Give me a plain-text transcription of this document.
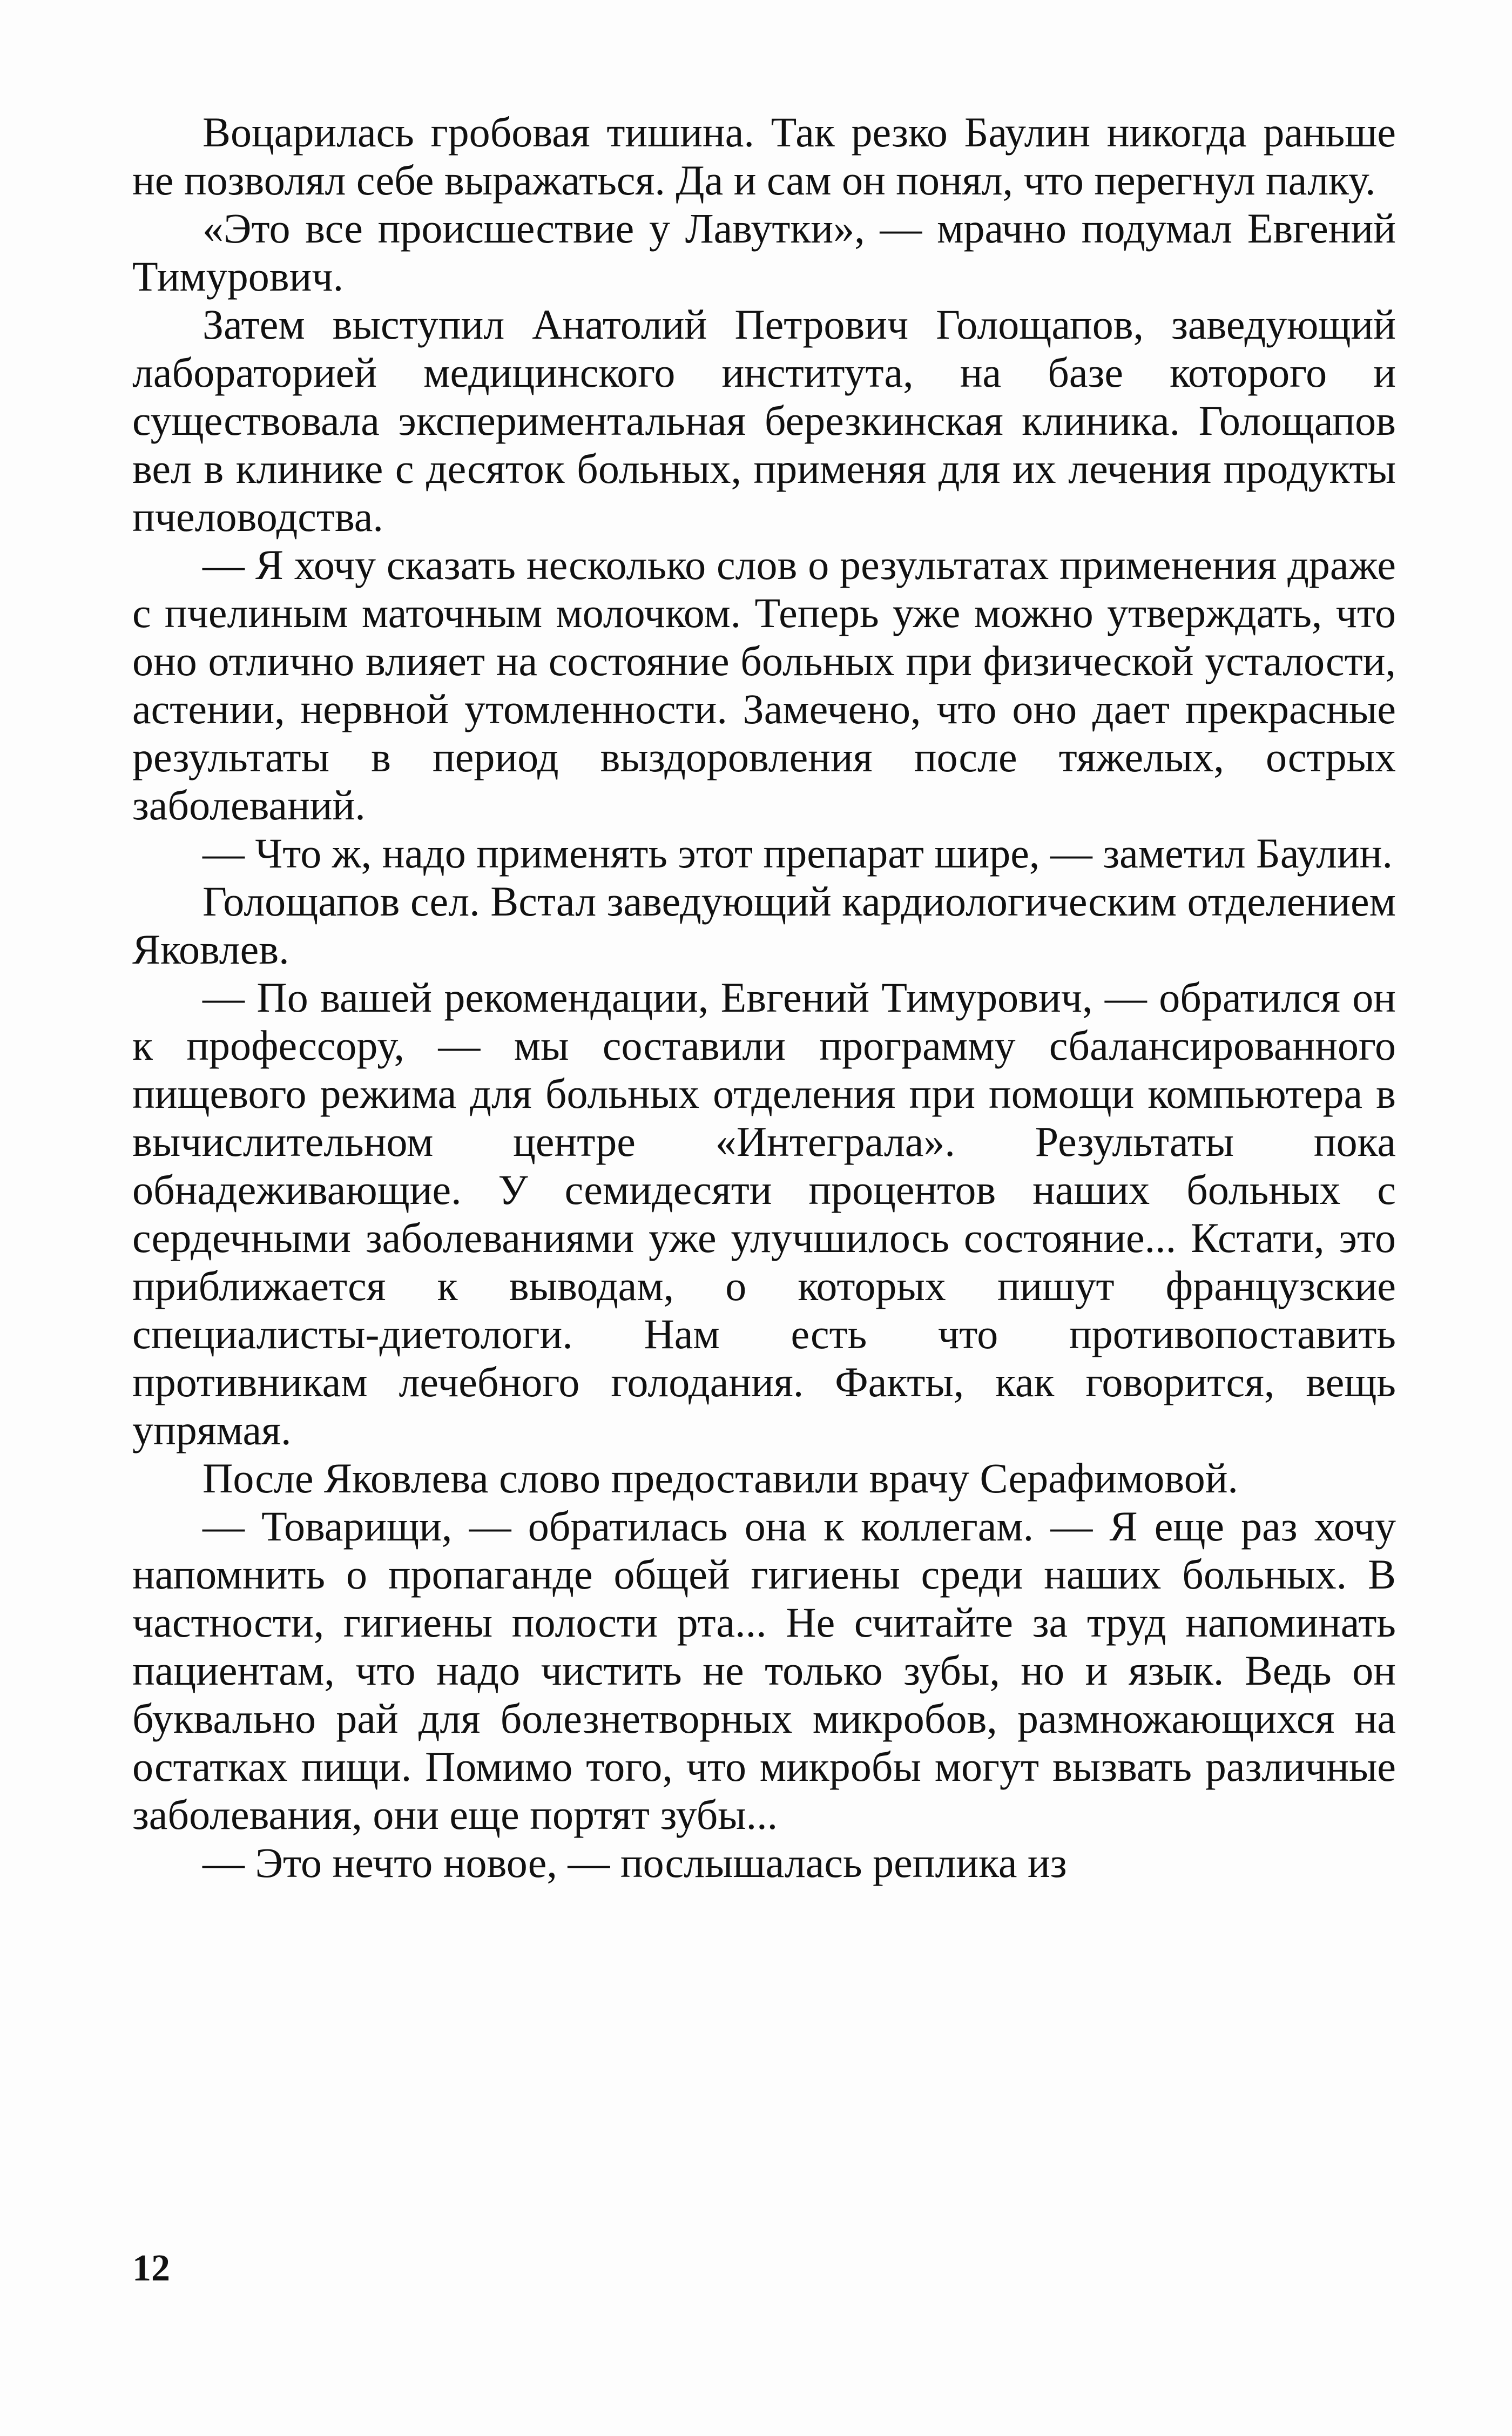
Воцарилась гробовая тишина. Так резко Баулин никогда раньше не позволял себе выражаться. Да и сам он понял, что перегнул палку.

«Это все происшествие у Лавутки», — мрачно подумал Евгений Тимурович.

Затем выступил Анатолий Петрович Голощапов, заведующий лабораторией медицинского института, на базе которого и существовала экспериментальная березкинская клиника. Голощапов вел в клинике с десяток больных, применяя для их лечения продукты пчеловодства.

— Я хочу сказать несколько слов о результатах применения драже с пчелиным маточным молочком. Теперь уже можно утверждать, что оно отлично влияет на состояние больных при физической усталости, астении, нервной утомленности. Замечено, что оно дает прекрасные результаты в период выздоровления после тяжелых, острых заболеваний.

— Что ж, надо применять этот препарат шире, — заметил Баулин.

Голощапов сел. Встал заведующий кардиологическим отделением Яковлев.

— По вашей рекомендации, Евгений Тимурович, — обратился он к профессору, — мы составили программу сбалансированного пищевого режима для больных отделения при помощи компьютера в вычислительном центре «Интеграла». Результаты пока обнадеживающие. У семидесяти процентов наших больных с сердечными заболеваниями уже улучшилось состояние... Кстати, это приближается к выводам, о которых пишут французские специалисты-диетологи. Нам есть что противопоставить противникам лечебного голодания. Факты, как говорится, вещь упрямая.

После Яковлева слово предоставили врачу Серафимовой.

— Товарищи, — обратилась она к коллегам. — Я еще раз хочу напомнить о пропаганде общей гигиены среди наших больных. В частности, гигиены полости рта... Не считайте за труд напоминать пациентам, что надо чистить не только зубы, но и язык. Ведь он буквально рай для болезнетворных микробов, размножающихся на остатках пищи. Помимо того, что микробы могут вызвать различные заболевания, они еще портят зубы...

— Это нечто новое, — послышалась реплика из

12
